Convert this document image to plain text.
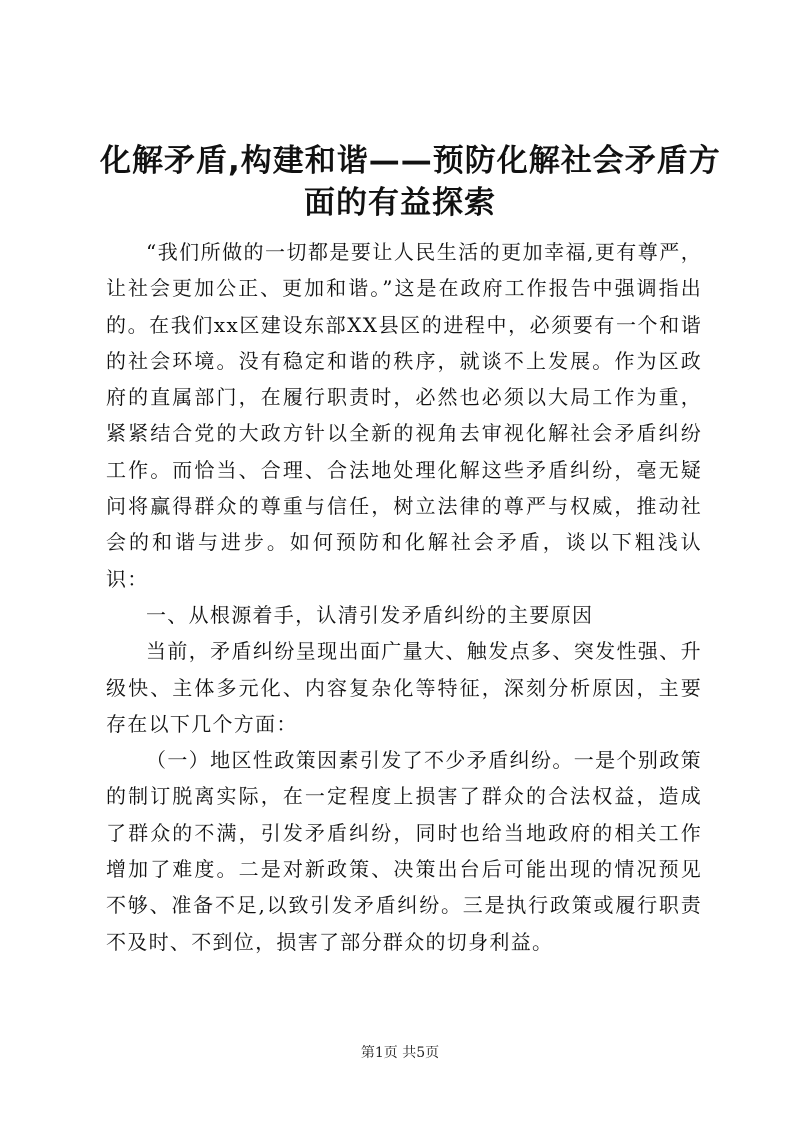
化解矛盾,构建和谐——预防化解社会矛盾方
面的有益探索

“我们所做的一切都是要让人民生活的更加幸福,更有尊严，让社会更加公正、更加和谐。”这是在政府工作报告中强调指出的。在我们xx区建设东部XX县区的进程中，必须要有一个和谐的社会环境。没有稳定和谐的秩序，就谈不上发展。作为区政府的直属部门，在履行职责时，必然也必须以大局工作为重，紧紧结合党的大政方针以全新的视角去审视化解社会矛盾纠纷工作。而恰当、合理、合法地处理化解这些矛盾纠纷，毫无疑问将赢得群众的尊重与信任，树立法律的尊严与权威，推动社会的和谐与进步。如何预防和化解社会矛盾，谈以下粗浅认识：

一、从根源着手，认清引发矛盾纠纷的主要原因

当前，矛盾纠纷呈现出面广量大、触发点多、突发性强、升级快、主体多元化、内容复杂化等特征，深刻分析原因，主要存在以下几个方面：

（一）地区性政策因素引发了不少矛盾纠纷。一是个别政策的制订脱离实际，在一定程度上损害了群众的合法权益，造成了群众的不满，引发矛盾纠纷，同时也给当地政府的相关工作增加了难度。二是对新政策、决策出台后可能出现的情况预见不够、准备不足,以致引发矛盾纠纷。三是执行政策或履行职责不及时、不到位，损害了部分群众的切身利益。

第1页 共5页
